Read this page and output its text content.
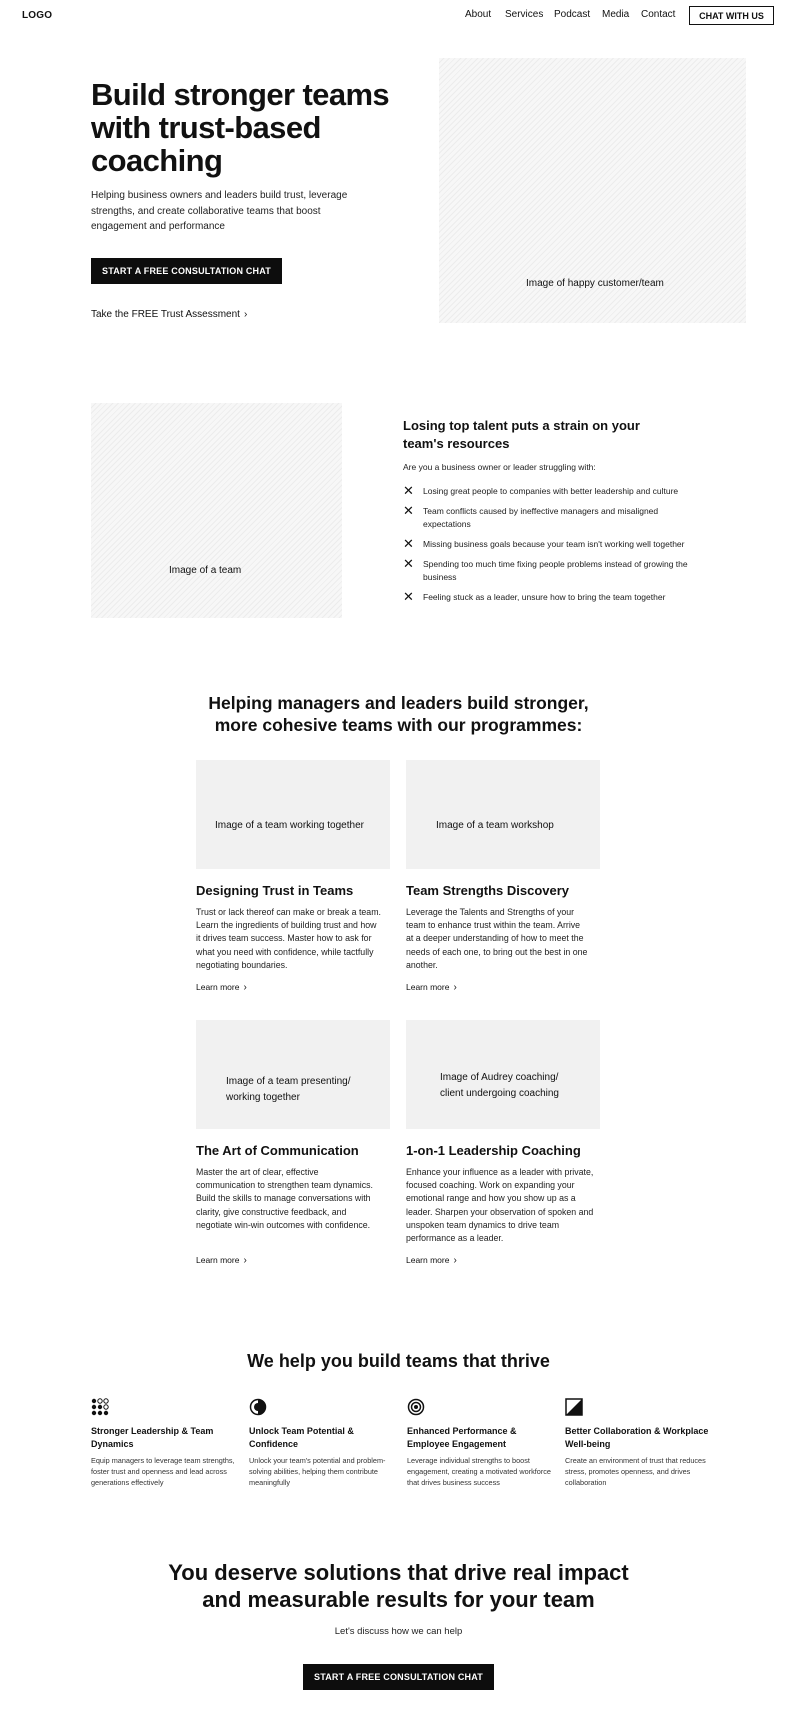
LOGO	About Services Podcast Media Contact	CHAT WITH US
Build stronger teams with trust-based coaching
Helping business owners and leaders build trust, leverage strengths, and create collaborative teams that boost engagement and performance
START A FREE CONSULTATION CHAT
Take the FREE Trust Assessment ›
Image of happy customer/team
Image of a team
Losing top talent puts a strain on your team's resources
Are you a business owner or leader struggling with:
✕	Losing great people to companies with better leadership and culture
✕	Team conflicts caused by ineffective managers and misaligned expectations
✕	Missing business goals because your team isn't working well together
✕	Spending too much time fixing people problems instead of growing the business
✕	Feeling stuck as a leader, unsure how to bring the team together
Helping managers and leaders build stronger, more cohesive teams with our programmes:
Image of a team working together
Designing Trust in Teams
Trust or lack thereof can make or break a team. Learn the ingredients of building trust and how it drives team success. Master how to ask for what you need with confidence, while tactfully negotiating boundaries.
Learn more ›
Image of a team workshop
Team Strengths Discovery
Leverage the Talents and Strengths of your team to enhance trust within the team. Arrive at a deeper understanding of how to meet the needs of each one, to bring out the best in one another.
Learn more ›
Image of a team presenting/ working together
The Art of Communication
Master the art of clear, effective communication to strengthen team dynamics. Build the skills to manage conversations with clarity, give constructive feedback, and negotiate win-win outcomes with confidence.
Learn more ›
Image of Audrey coaching/ client undergoing coaching
1-on-1 Leadership Coaching
Enhance your influence as a leader with private, focused coaching. Work on expanding your emotional range and how you show up as a leader. Sharpen your observation of spoken and unspoken team dynamics to drive team performance as a leader.
Learn more ›
We help you build teams that thrive
Stronger Leadership & Team Dynamics
Equip managers to leverage team strengths, foster trust and openness and lead across generations effectively
Unlock Team Potential & Confidence
Unlock your team's potential and problem-solving abilities, helping them contribute meaningfully
Enhanced Performance & Employee Engagement
Leverage individual strengths to boost engagement, creating a motivated workforce that drives business success
Better Collaboration & Workplace Well-being
Create an environment of trust that reduces stress, promotes openness, and drives collaboration
You deserve solutions that drive real impact and measurable results for your team
Let's discuss how we can help
START A FREE CONSULTATION CHAT
